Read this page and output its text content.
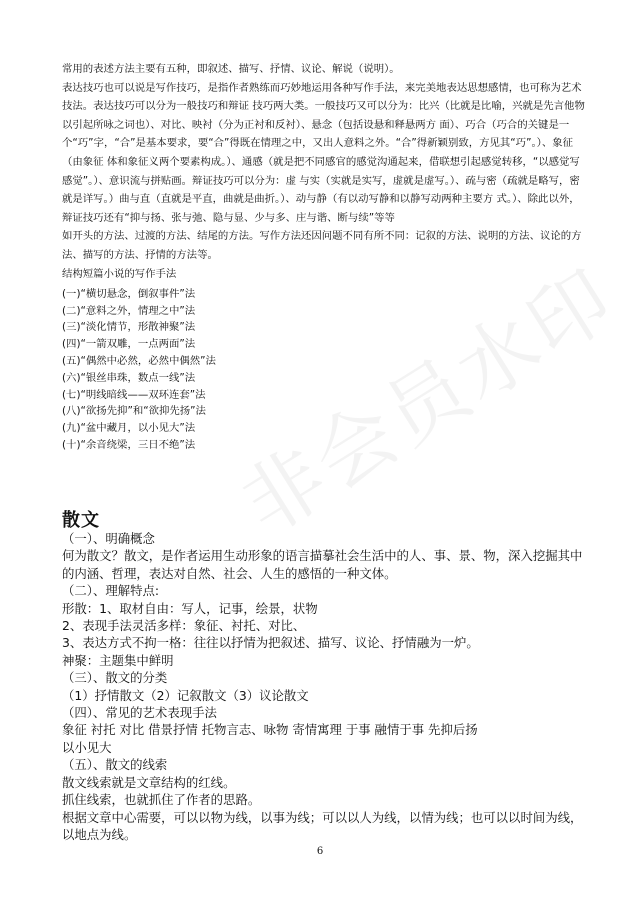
非会员水印

常用的表述方法主要有五种，即叙述、描写、抒情、议论、解说（说明）。

表达技巧也可以说是写作技巧，是指作者熟练而巧妙地运用各种写作手法，来完美地表达思想感情，也可称为艺术技法。表达技巧可以分为一般技巧和辩证 技巧两大类。一般技巧又可以分为：比兴（比就是比喻，兴就是先言他物以引起所咏之词也）、对比、映衬（分为正衬和反衬）、悬念（包括设悬和释悬两方 面）、巧合（巧合的关键是一个“巧”字，“合”是基本要求，要“合”得既在情理之中，又出人意料之外。“合”得新颖别致，方见其“巧”。）、象征（由象征 体和象征义两个要素构成。）、通感（就是把不同感官的感觉沟通起来，借联想引起感觉转移，“以感觉写感觉”。）、意识流与拼贴画。辩证技巧可以分为：虚 与实（实就是实写，虚就是虚写。）、疏与密（疏就是略写，密就是详写。）曲与直（直就是平直，曲就是曲折。）、动与静（有以动写静和以静写动两种主要方 式。）、除此以外，辩证技巧还有“抑与扬、张与弛、隐与显、少与多、庄与谐、断与续”等等

如开头的方法、过渡的方法、结尾的方法。写作方法还因问题不同有所不同：记叙的方法、说明的方法、议论的方法、描写的方法、抒情的方法等。

结构短篇小说的写作手法

(一)“横切悬念，倒叙事件”法

(二)“意料之外，情理之中”法

(三)“淡化情节，形散神聚”法

(四)“一箭双雕，一点两面”法

(五)“偶然中必然，必然中偶然”法

(六)“银丝串珠，数点一线”法

(七)“明线暗线——双环连套”法

(八)“欲扬先抑”和“欲抑先扬”法

(九)“盆中藏月，以小见大”法

(十)“余音绕梁，三日不绝”法

散文

（一）、明确概念

何为散文？散文，是作者运用生动形象的语言描摹社会生活中的人、事、景、物，深入挖掘其中的内涵、哲理，表达对自然、社会、人生的感悟的一种文体。

（二）、理解特点:

形散：1、取材自由：写人，记事，绘景，状物

2、表现手法灵活多样：象征、衬托、对比、

3、表达方式不拘一格：往往以抒情为把叙述、描写、议论、抒情融为一炉。

神聚：主题集中鲜明

（三）、散文的分类

（1）抒情散文（2）记叙散文（3）议论散文

（四）、常见的艺术表现手法

象征 衬托 对比 借景抒情 托物言志、咏物 寄情寓理 于事 融情于事 先抑后扬

以小见大

（五）、散文的线索

散文线索就是文章结构的红线。

抓住线索，也就抓住了作者的思路。

根据文章中心需要，可以以物为线，以事为线；可以以人为线，以情为线；也可以以时间为线，以地点为线。

6
